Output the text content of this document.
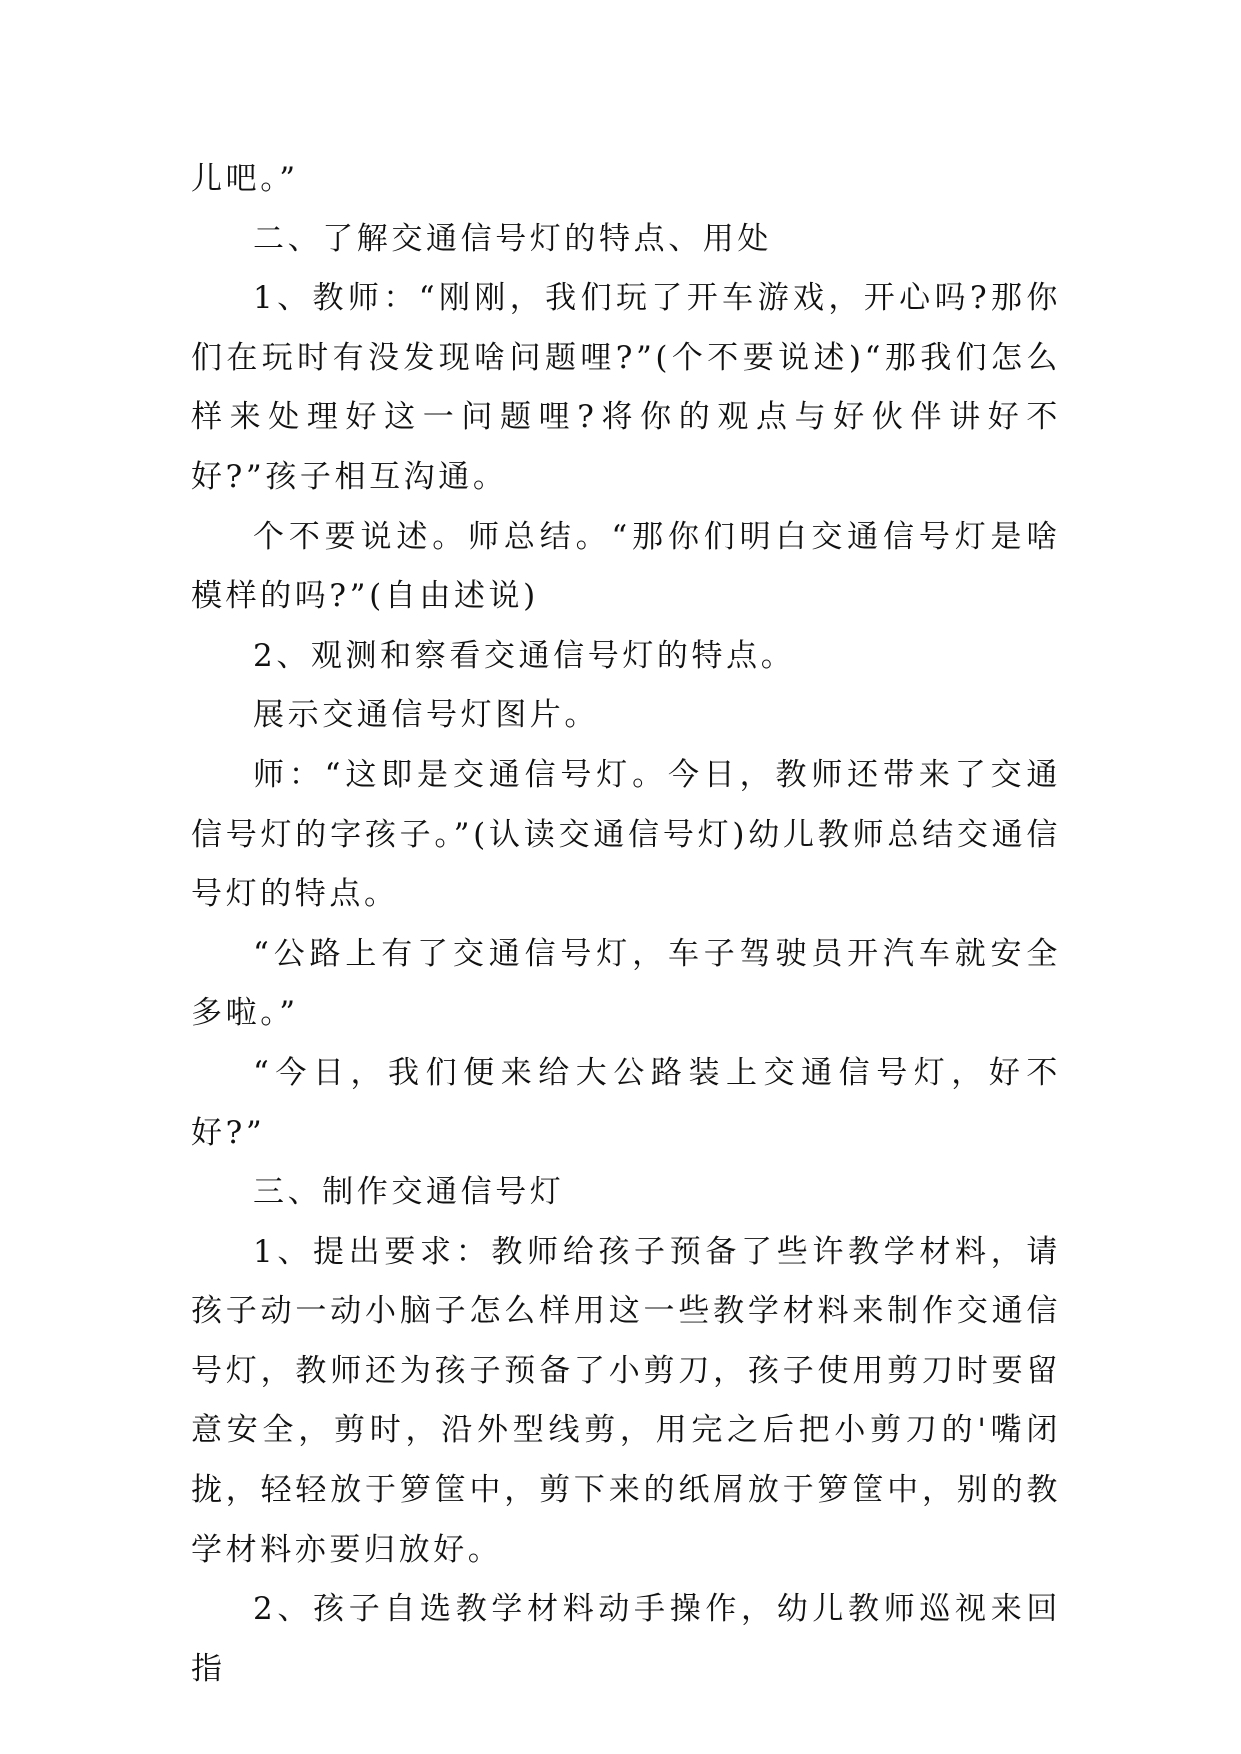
儿吧。”

二、了解交通信号灯的特点、用处

1、教师：“刚刚，我们玩了开车游戏，开心吗?那你们在玩时有没发现啥问题哩?”(个不要说述)“那我们怎么样来处理好这一问题哩?将你的观点与好伙伴讲好不好?”孩子相互沟通。

个不要说述。师总结。“那你们明白交通信号灯是啥模样的吗?”(自由述说)

2、观测和察看交通信号灯的特点。

展示交通信号灯图片。

师：“这即是交通信号灯。今日，教师还带来了交通信号灯的字孩子。”(认读交通信号灯)幼儿教师总结交通信号灯的特点。

“公路上有了交通信号灯，车子驾驶员开汽车就安全多啦。”

“今日，我们便来给大公路装上交通信号灯，好不好?”

三、制作交通信号灯

1、提出要求：教师给孩子预备了些许教学材料，请孩子动一动小脑子怎么样用这一些教学材料来制作交通信号灯，教师还为孩子预备了小剪刀，孩子使用剪刀时要留意安全，剪时，沿外型线剪，用完之后把小剪刀的'嘴闭拢，轻轻放于箩筐中，剪下来的纸屑放于箩筐中，别的教学材料亦要归放好。

2、孩子自选教学材料动手操作，幼儿教师巡视来回指
